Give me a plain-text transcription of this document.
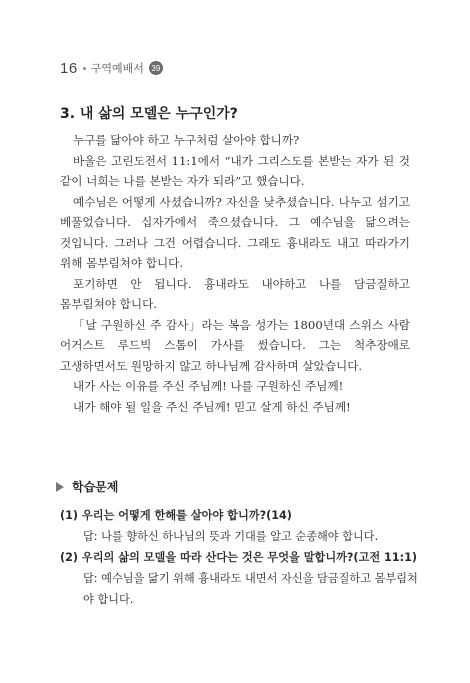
16 구역예배서 39
3. 내 삶의 모델은 누구인가?

누구를 닮아야 하고 누구처럼 살아야 합니까?

바울은 고린도전서 11:1에서 “내가 그리스도를 본받는 자가 된 것 같이 너희는 나를 본받는 자가 되라”고 했습니다.

예수님은 어떻게 사셨습니까? 자신을 낮추셨습니다. 나누고 섬기고 베풀었습니다. 십자가에서 죽으셨습니다. 그 예수님을 닮으려는 것입니다. 그러나 그건 어렵습니다. 그래도 흉내라도 내고 따라가기 위해 몸부림쳐야 합니다.

포기하면 안 됩니다. 흉내라도 내야하고 나를 담금질하고 몸부림쳐야 합니다.

「날 구원하신 주 감사」라는 복음 성가는 1800년대 스위스 사람 어거스트 루드빅 스톰이 가사를 썼습니다. 그는 척추장애로 고생하면서도 원망하지 않고 하나님께 감사하며 살았습니다.

내가 사는 이유를 주신 주님께! 나를 구원하신 주님께!

내가 해야 될 일을 주신 주님께! 믿고 살게 하신 주님께!

학습문제
(1) 우리는 어떻게 한해를 살아야 합니까?(14)
답: 나를 향하신 하나님의 뜻과 기대를 알고 순종해야 합니다.
(2) 우리의 삶의 모델을 따라 산다는 것은 무엇을 말합니까?(고전 11:1)
답: 예수님을 닮기 위해 흉내라도 내면서 자신을 담금질하고 몸부림쳐야 합니다.
